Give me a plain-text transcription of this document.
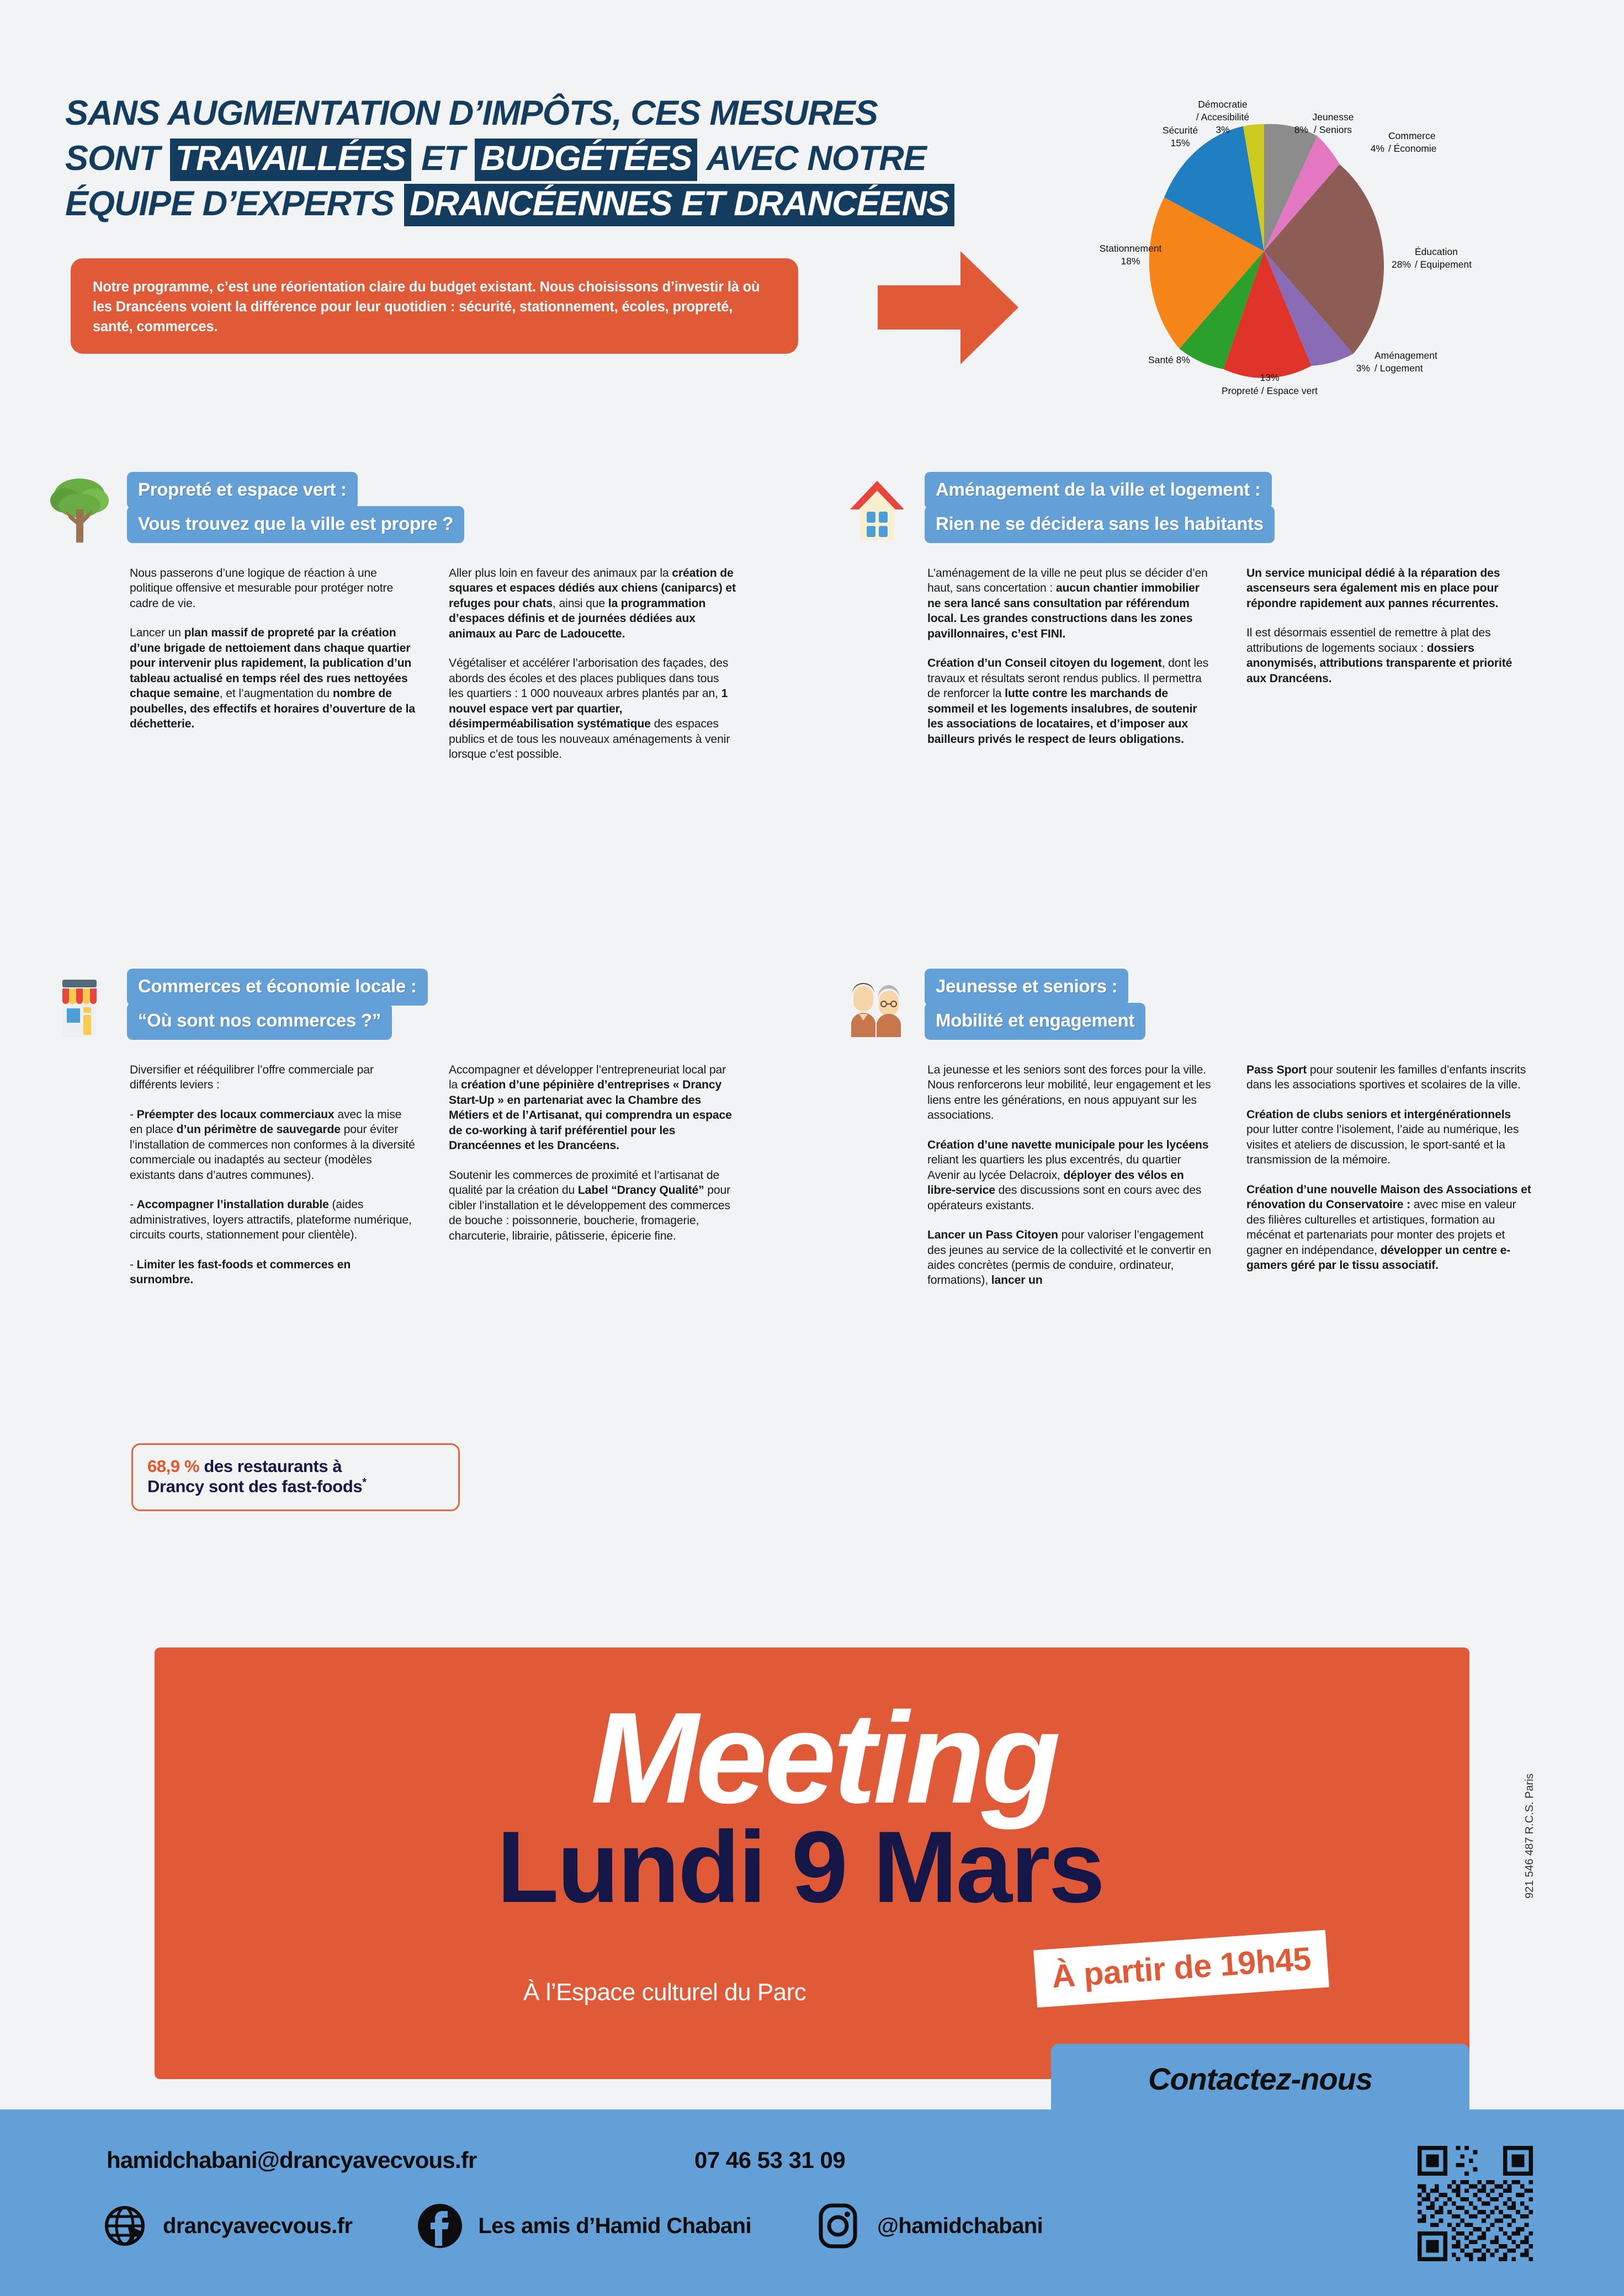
SANS AUGMENTATION D’IMPÔTS, CES MESURES
SONT TRAVAILLÉES ET BUDGÉTÉES AVEC NOTRE
ÉQUIPE D’EXPERTS DRANCÉENNES ET DRANCÉENS

Notre programme, c’est une réorientation claire du budget existant. Nous choisissons d’investir là où les Drancéens voient la différence pour leur quotidien : sécurité, stationnement, écoles, propreté, santé, commerces.

Démocratie
/ Accesibilité
3%
Jeunesse
8% / Seniors
Commerce
4% / Économie
Sécurité
15%
Stationnement
18%
Santé 8%
13%
Propreté / Espace vert
Aménagement
3% / Logement
Éducation
28% / Equipement
Propreté et espace vert :
Vous trouvez que la ville est propre ?

Nous passerons d’une logique de réaction à une politique offensive et mesurable pour protéger notre cadre de vie.

Lancer un plan massif de propreté par la création d’une brigade de nettoiement dans chaque quartier pour intervenir plus rapidement, la publication d’un tableau actualisé en temps réel des rues nettoyées chaque semaine, et l’augmentation du nombre de poubelles, des effectifs et horaires d’ouverture de la déchetterie.

Aller plus loin en faveur des animaux par la création de squares et espaces dédiés aux chiens (caniparcs) et refuges pour chats, ainsi que la programmation d’espaces définis et de journées dédiées aux animaux au Parc de Ladoucette.

Végétaliser et accélérer l’arborisation des façades, des abords des écoles et des places publiques dans tous les quartiers : 1 000 nouveaux arbres plantés par an, 1 nouvel espace vert par quartier, désimperméabilisation systématique des espaces publics et de tous les nouveaux aménagements à venir lorsque c’est possible.

Aménagement de la ville et logement :
Rien ne se décidera sans les habitants

L’aménagement de la ville ne peut plus se décider d’en haut, sans concertation : aucun chantier immobilier ne sera lancé sans consultation par référendum local. Les grandes constructions dans les zones pavillonnaires, c’est FINI.

Création d’un Conseil citoyen du logement, dont les travaux et résultats seront rendus publics. Il permettra de renforcer la lutte contre les marchands de sommeil et les logements insalubres, de soutenir les associations de locataires, et d’imposer aux bailleurs privés le respect de leurs obligations.

Un service municipal dédié à la réparation des ascenseurs sera également mis en place pour répondre rapidement aux pannes récurrentes.

Il est désormais essentiel de remettre à plat des attributions de logements sociaux : dossiers anonymisés, attributions transparente et priorité aux Drancéens.

Commerces et économie locale :
“Où sont nos commerces ?”

Diversifier et rééquilibrer l’offre commerciale par différents leviers :

- Préempter des locaux commerciaux avec la mise en place d’un périmètre de sauvegarde pour éviter l’installation de commerces non conformes à la diversité commerciale ou inadaptés au secteur (modèles existants dans d’autres communes).

- Accompagner l’installation durable (aides administratives, loyers attractifs, plateforme numérique, circuits courts, stationnement pour clientèle).

- Limiter les fast-foods et commerces en surnombre.

Accompagner et développer l’entrepreneuriat local par la création d’une pépinière d’entreprises « Drancy Start-Up » en partenariat avec la Chambre des Métiers et de l’Artisanat, qui comprendra un espace de co-working à tarif préférentiel pour les Drancéennes et les Drancéens.

Soutenir les commerces de proximité et l’artisanat de qualité par la création du Label “Drancy Qualité” pour cibler l’installation et le développement des commerces de bouche : poissonnerie, boucherie, fromagerie, charcuterie, librairie, pâtisserie, épicerie fine.

Jeunesse et seniors :
Mobilité et engagement

La jeunesse et les seniors sont des forces pour la ville. Nous renforcerons leur mobilité, leur engagement et les liens entre les générations, en nous appuyant sur les associations.

Création d’une navette municipale pour les lycéens reliant les quartiers les plus excentrés, du quartier Avenir au lycée Delacroix, déployer des vélos en libre-service des discussions sont en cours avec des opérateurs existants.

Lancer un Pass Citoyen pour valoriser l’engagement des jeunes au service de la collectivité et le convertir en aides concrètes (permis de conduire, ordinateur, formations), lancer un

Pass Sport pour soutenir les familles d’enfants inscrits dans les associations sportives et scolaires de la ville.

Création de clubs seniors et intergénérationnels pour lutter contre l’isolement, l’aide au numérique, les visites et ateliers de discussion, le sport-santé et la transmission de la mémoire.

Création d’une nouvelle Maison des Associations et rénovation du Conservatoire : avec mise en valeur des filières culturelles et artistiques, formation au mécénat et partenariats pour monter des projets et gagner en indépendance, développer un centre e-gamers géré par le tissu associatif.

68,9 % des restaurants à
Drancy sont des fast-foods*
Meeting
Lundi 9 Mars
À l’Espace culturel du Parc	À partir de 19h45
Contactez-nous
921 546 487 R.C.S. Paris
hamidchabani@drancyavecvous.fr	07 46 53 31 09
drancyavecvous.fr	Les amis d’Hamid Chabani	@hamidchabani
